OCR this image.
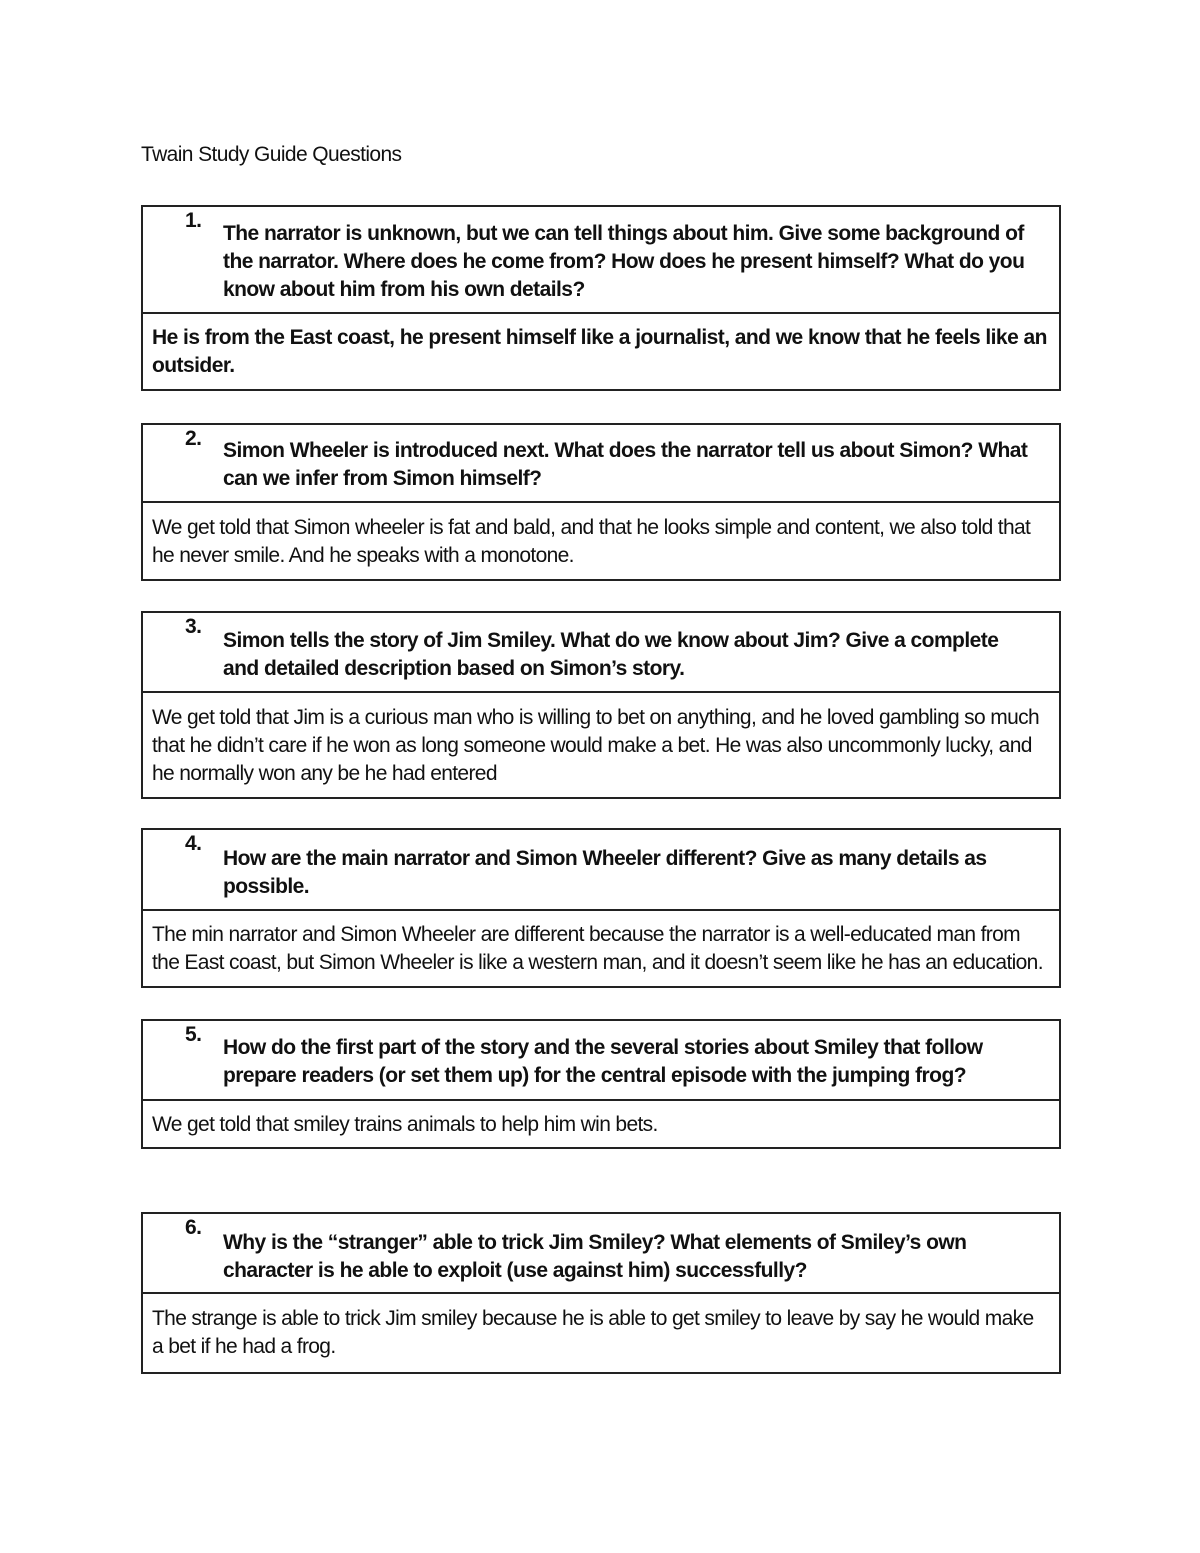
Twain Study Guide Questions
1.
The narrator is unknown, but we can tell things about him. Give some background of the narrator. Where does he come from? How does he present himself? What do you know about him from his own details?
He is from the East coast, he present himself like a journalist, and we know that he feels like an outsider.
2.
Simon Wheeler is introduced next. What does the narrator tell us about Simon? What can we infer from Simon himself?
We get told that Simon wheeler is fat and bald, and that he looks simple and content, we also told that he never smile. And he speaks with a monotone.
3.
Simon tells the story of Jim Smiley. What do we know about Jim? Give a complete and detailed description based on Simon’s story.
We get told that Jim is a curious man who is willing to bet on anything, and he loved gambling so much that he didn’t care if he won as long someone would make a bet. He was also uncommonly lucky, and he normally won any be he had entered
4.
How are the main narrator and Simon Wheeler different? Give as many details as possible.
The min narrator and Simon Wheeler are different because the narrator is a well-educated man from the East coast, but Simon Wheeler is like a western man, and it doesn’t seem like he has an education.
5.
How do the first part of the story and the several stories about Smiley that follow prepare readers (or set them up) for the central episode with the jumping frog?
We get told that smiley trains animals to help him win bets.
6.
Why is the “stranger” able to trick Jim Smiley? What elements of Smiley’s own character is he able to exploit (use against him) successfully?
The strange is able to trick Jim smiley because he is able to get smiley to leave by say he would make a bet if he had a frog.
